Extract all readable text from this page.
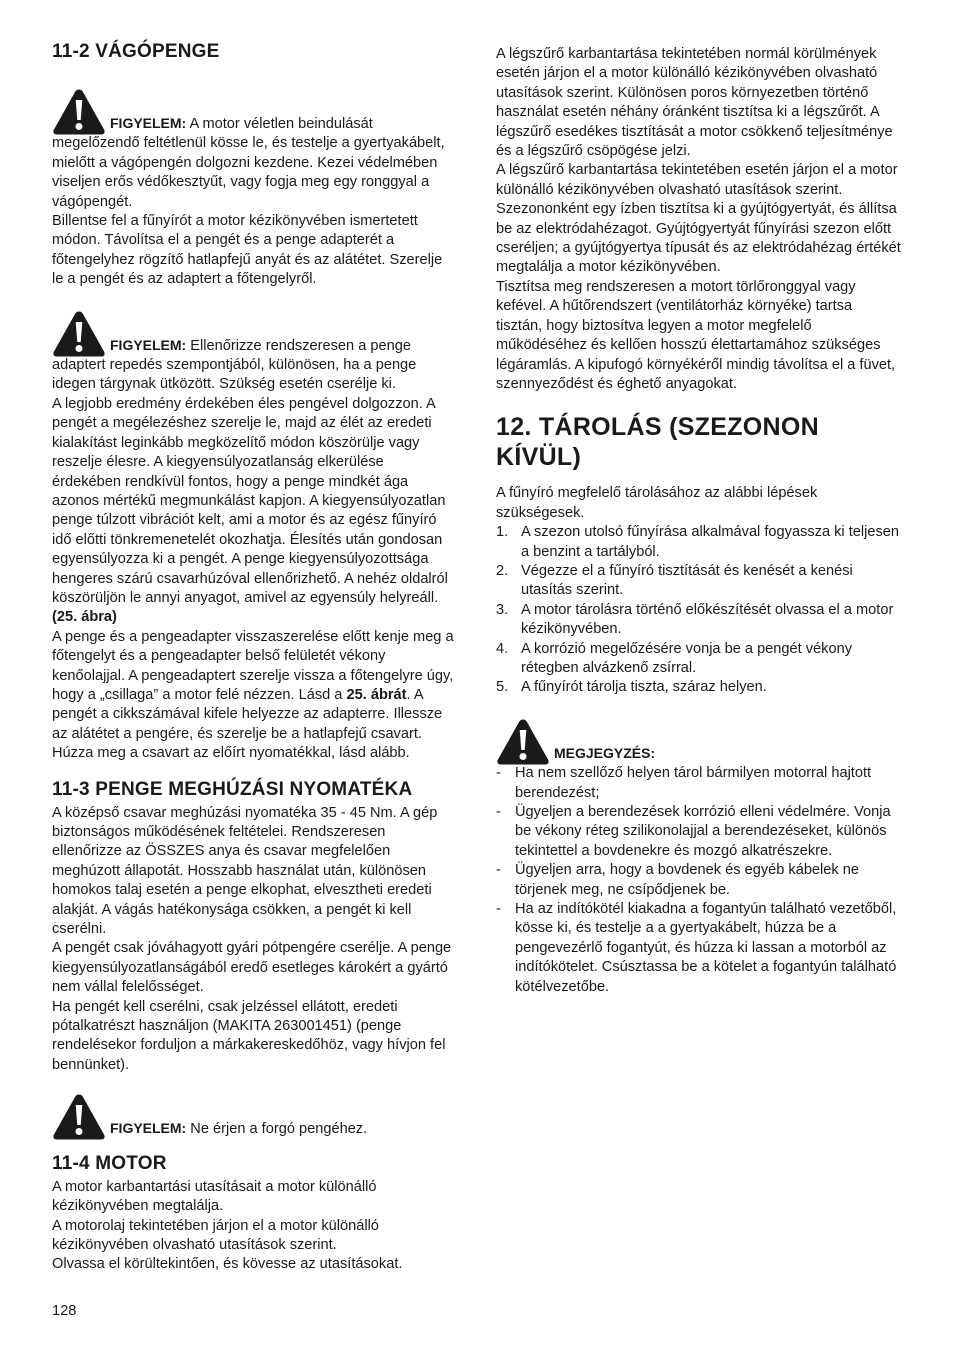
11-2 VÁGÓPENGE

FIGYELEM: A motor véletlen beindulását megelőzendő feltétlenül kösse le, és testelje a gyertyakábelt, mielőtt a vágópengén dolgozni kezdene. Kezei védelmében viseljen erős védőkesztyűt, vagy fogja meg egy ronggyal a vágópengét.

Billentse fel a fűnyírót a motor kézikönyvében ismertetett módon. Távolítsa el a pengét és a penge adapterét a főtengelyhez rögzítő hatlapfejű anyát és az alátétet. Szerelje le a pengét és az adaptert a főtengelyről.

FIGYELEM: Ellenőrizze rendszeresen a penge adaptert repedés szempontjából, különösen, ha a penge idegen tárgynak ütközött. Szükség esetén cserélje ki.

A legjobb eredmény érdekében éles pengével dolgozzon. A pengét a megélezéshez szerelje le, majd az élét az eredeti kialakítást leginkább megközelítő módon köszörülje vagy reszelje élesre. A kiegyensúlyozatlanság elkerülése érdekében rendkívül fontos, hogy a penge mindkét ága azonos mértékű megmunkálást kapjon. A kiegyensúlyozatlan penge túlzott vibrációt kelt, ami a motor és az egész fűnyíró idő előtti tönkremenetelét okozhatja. Élesítés után gondosan egyensúlyozza ki a pengét. A penge kiegyensúlyozottsága hengeres szárú csavarhúzóval ellenőrizhető. A nehéz oldalról köszörüljön le annyi anyagot, amivel az egyensúly helyreáll.

(25. ábra)

A penge és a pengeadapter visszaszerelése előtt kenje meg a főtengelyt és a pengeadapter belső felületét vékony kenőolajjal. A pengeadaptert szerelje vissza a főtengelyre úgy, hogy a „csillaga” a motor felé nézzen. Lásd a 25. ábrát. A pengét a cikkszámával kifele helyezze az adapterre. Illessze az alátétet a pengére, és szerelje be a hatlapfejű csavart. Húzza meg a csavart az előírt nyomatékkal, lásd alább.

11-3 PENGE MEGHÚZÁSI NYOMATÉKA

A középső csavar meghúzási nyomatéka 35 - 45 Nm. A gép biztonságos működésének feltételei. Rendszeresen ellenőrizze az ÖSSZES anya és csavar megfelelően meghúzott állapotát. Hosszabb használat után, különösen homokos talaj esetén a penge elkophat, elvesztheti eredeti alakját. A vágás hatékonysága csökken, a pengét ki kell cserélni.

A pengét csak jóváhagyott gyári pótpengére cserélje. A penge kiegyensúlyozatlanságából eredő esetleges károkért a gyártó nem vállal felelősséget.

Ha pengét kell cserélni, csak jelzéssel ellátott, eredeti pótalkatrészt használjon (MAKITA 263001451) (penge rendelésekor forduljon a márkakereskedőhöz, vagy hívjon fel bennünket).

FIGYELEM: Ne érjen a forgó pengéhez.

11-4 MOTOR

A motor karbantartási utasításait a motor különálló kézikönyvében megtalálja.

A motorolaj tekintetében járjon el a motor különálló kézikönyvében olvasható utasítások szerint.

Olvassa el körültekintően, és kövesse az utasításokat.

A légszűrő karbantartása tekintetében normál körülmények esetén járjon el a motor különálló kézikönyvében olvasható utasítások szerint. Különösen poros környezetben történő használat esetén néhány óránként tisztítsa ki a légszűrőt. A légszűrő esedékes tisztítását a motor csökkenő teljesítménye és a légszűrő csöpögése jelzi.

A légszűrő karbantartása tekintetében esetén járjon el a motor különálló kézikönyvében olvasható utasítások szerint.

Szezononként egy ízben tisztítsa ki a gyújtógyertyát, és állítsa be az elektródahézagot. Gyújtógyertyát fűnyírási szezon előtt cseréljen; a gyújtógyertya típusát és az elektródahézag értékét megtalálja a motor kézikönyvében.

Tisztítsa meg rendszeresen a motort törlőronggyal vagy kefével. A hűtőrendszert (ventilátorház környéke) tartsa tisztán, hogy biztosítva legyen a motor megfelelő működéséhez és kellően hosszú élettartamához szükséges légáramlás. A kipufogó környékéről mindig távolítsa el a füvet, szennyeződést és éghető anyagokat.

12. TÁROLÁS (SZEZONON KÍVÜL)

A fűnyíró megfelelő tárolásához az alábbi lépések szükségesek.

1. A szezon utolsó fűnyírása alkalmával fogyassza ki teljesen a benzint a tartályból.
2. Végezze el a fűnyíró tisztítását és kenését a kenési utasítás szerint.
3. A motor tárolásra történő előkészítését olvassa el a motor kézikönyvében.
4. A korrózió megelőzésére vonja be a pengét vékony rétegben alvázkenő zsírral.
5. A fűnyírót tárolja tiszta, száraz helyen.

MEGJEGYZÉS:

- Ha nem szellőző helyen tárol bármilyen motorral hajtott berendezést;
- Ügyeljen a berendezések korrózió elleni védelmére. Vonja be vékony réteg szilikonolajjal a berendezéseket, különös tekintettel a bovdenekre és mozgó alkatrészekre.
- Ügyeljen arra, hogy a bovdenek és egyéb kábelek ne törjenek meg, ne csípődjenek be.
- Ha az indítókötél kiakadna a fogantyún található vezetőből, kösse ki, és testelje a a gyertyakábelt, húzza be a pengevezérlő fogantyút, és húzza ki lassan a motorból az indítókötelet. Csúsztassa be a kötelet a fogantyún található kötélvezetőbe.
128
